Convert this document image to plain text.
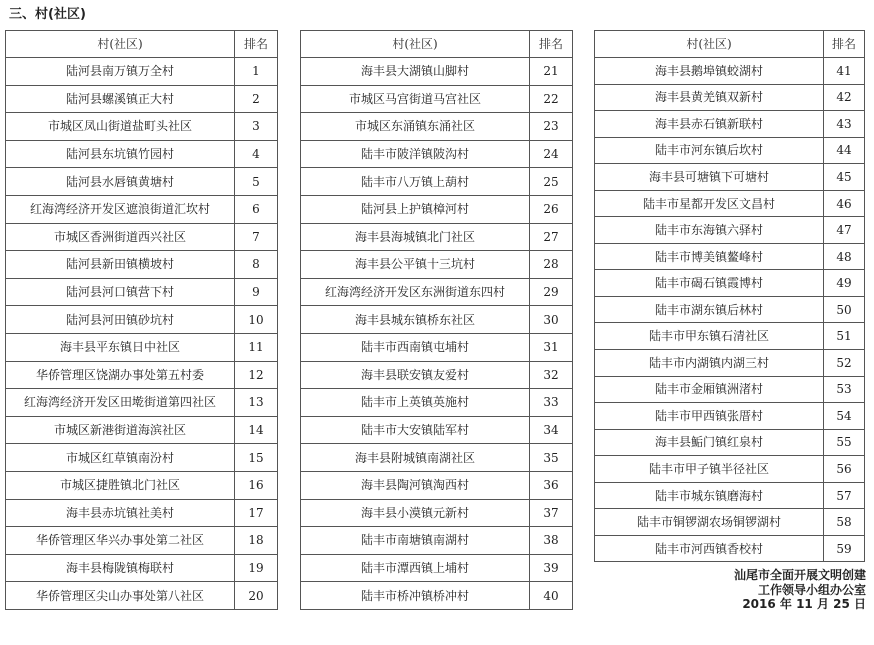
三、村(社区)
村(社区)	排名
陆河县南万镇万全村	1
陆河县螺溪镇正大村	2
市城区凤山街道盐町头社区	3
陆河县东坑镇竹园村	4
陆河县水唇镇黄塘村	5
红海湾经济开发区遮浪街道汇坎村	6
市城区香洲街道西兴社区	7
陆河县新田镇横坡村	8
陆河县河口镇营下村	9
陆河县河田镇砂坑村	10
海丰县平东镇日中社区	11
华侨管理区饶湖办事处第五村委	12
红海湾经济开发区田墘街道第四社区	13
市城区新港街道海滨社区	14
市城区红草镇南汾村	15
市城区捷胜镇北门社区	16
海丰县赤坑镇社美村	17
华侨管理区华兴办事处第二社区	18
海丰县梅陇镇梅联村	19
华侨管理区尖山办事处第八社区	20
村(社区)	排名
海丰县大湖镇山脚村	21
市城区马宫街道马宫社区	22
市城区东涌镇东涌社区	23
陆丰市陂洋镇陂沟村	24
陆丰市八万镇上葫村	25
陆河县上护镇樟河村	26
海丰县海城镇北门社区	27
海丰县公平镇十三坑村	28
红海湾经济开发区东洲街道东四村	29
海丰县城东镇桥东社区	30
陆丰市西南镇屯埔村	31
海丰县联安镇友爱村	32
陆丰市上英镇英施村	33
陆丰市大安镇陆军村	34
海丰县附城镇南湖社区	35
海丰县陶河镇淘西村	36
海丰县小漠镇元新村	37
陆丰市南塘镇南湖村	38
陆丰市潭西镇上埔村	39
陆丰市桥冲镇桥冲村	40
村(社区)	排名
海丰县鹅埠镇蛟湖村	41
海丰县黄羌镇双新村	42
海丰县赤石镇新联村	43
陆丰市河东镇后坎村	44
海丰县可塘镇下可塘村	45
陆丰市星都开发区文昌村	46
陆丰市东海镇六驿村	47
陆丰市博美镇鳌峰村	48
陆丰市碣石镇霞博村	49
陆丰市湖东镇后林村	50
陆丰市甲东镇石清社区	51
陆丰市内湖镇内湖三村	52
陆丰市金厢镇洲渚村	53
陆丰市甲西镇张厝村	54
海丰县鮜门镇红泉村	55
陆丰市甲子镇半径社区	56
陆丰市城东镇磨海村	57
陆丰市铜锣湖农场铜锣湖村	58
陆丰市河西镇香校村	59
汕尾市全面开展文明创建
工作领导小组办公室
2016 年 11 月 25 日
